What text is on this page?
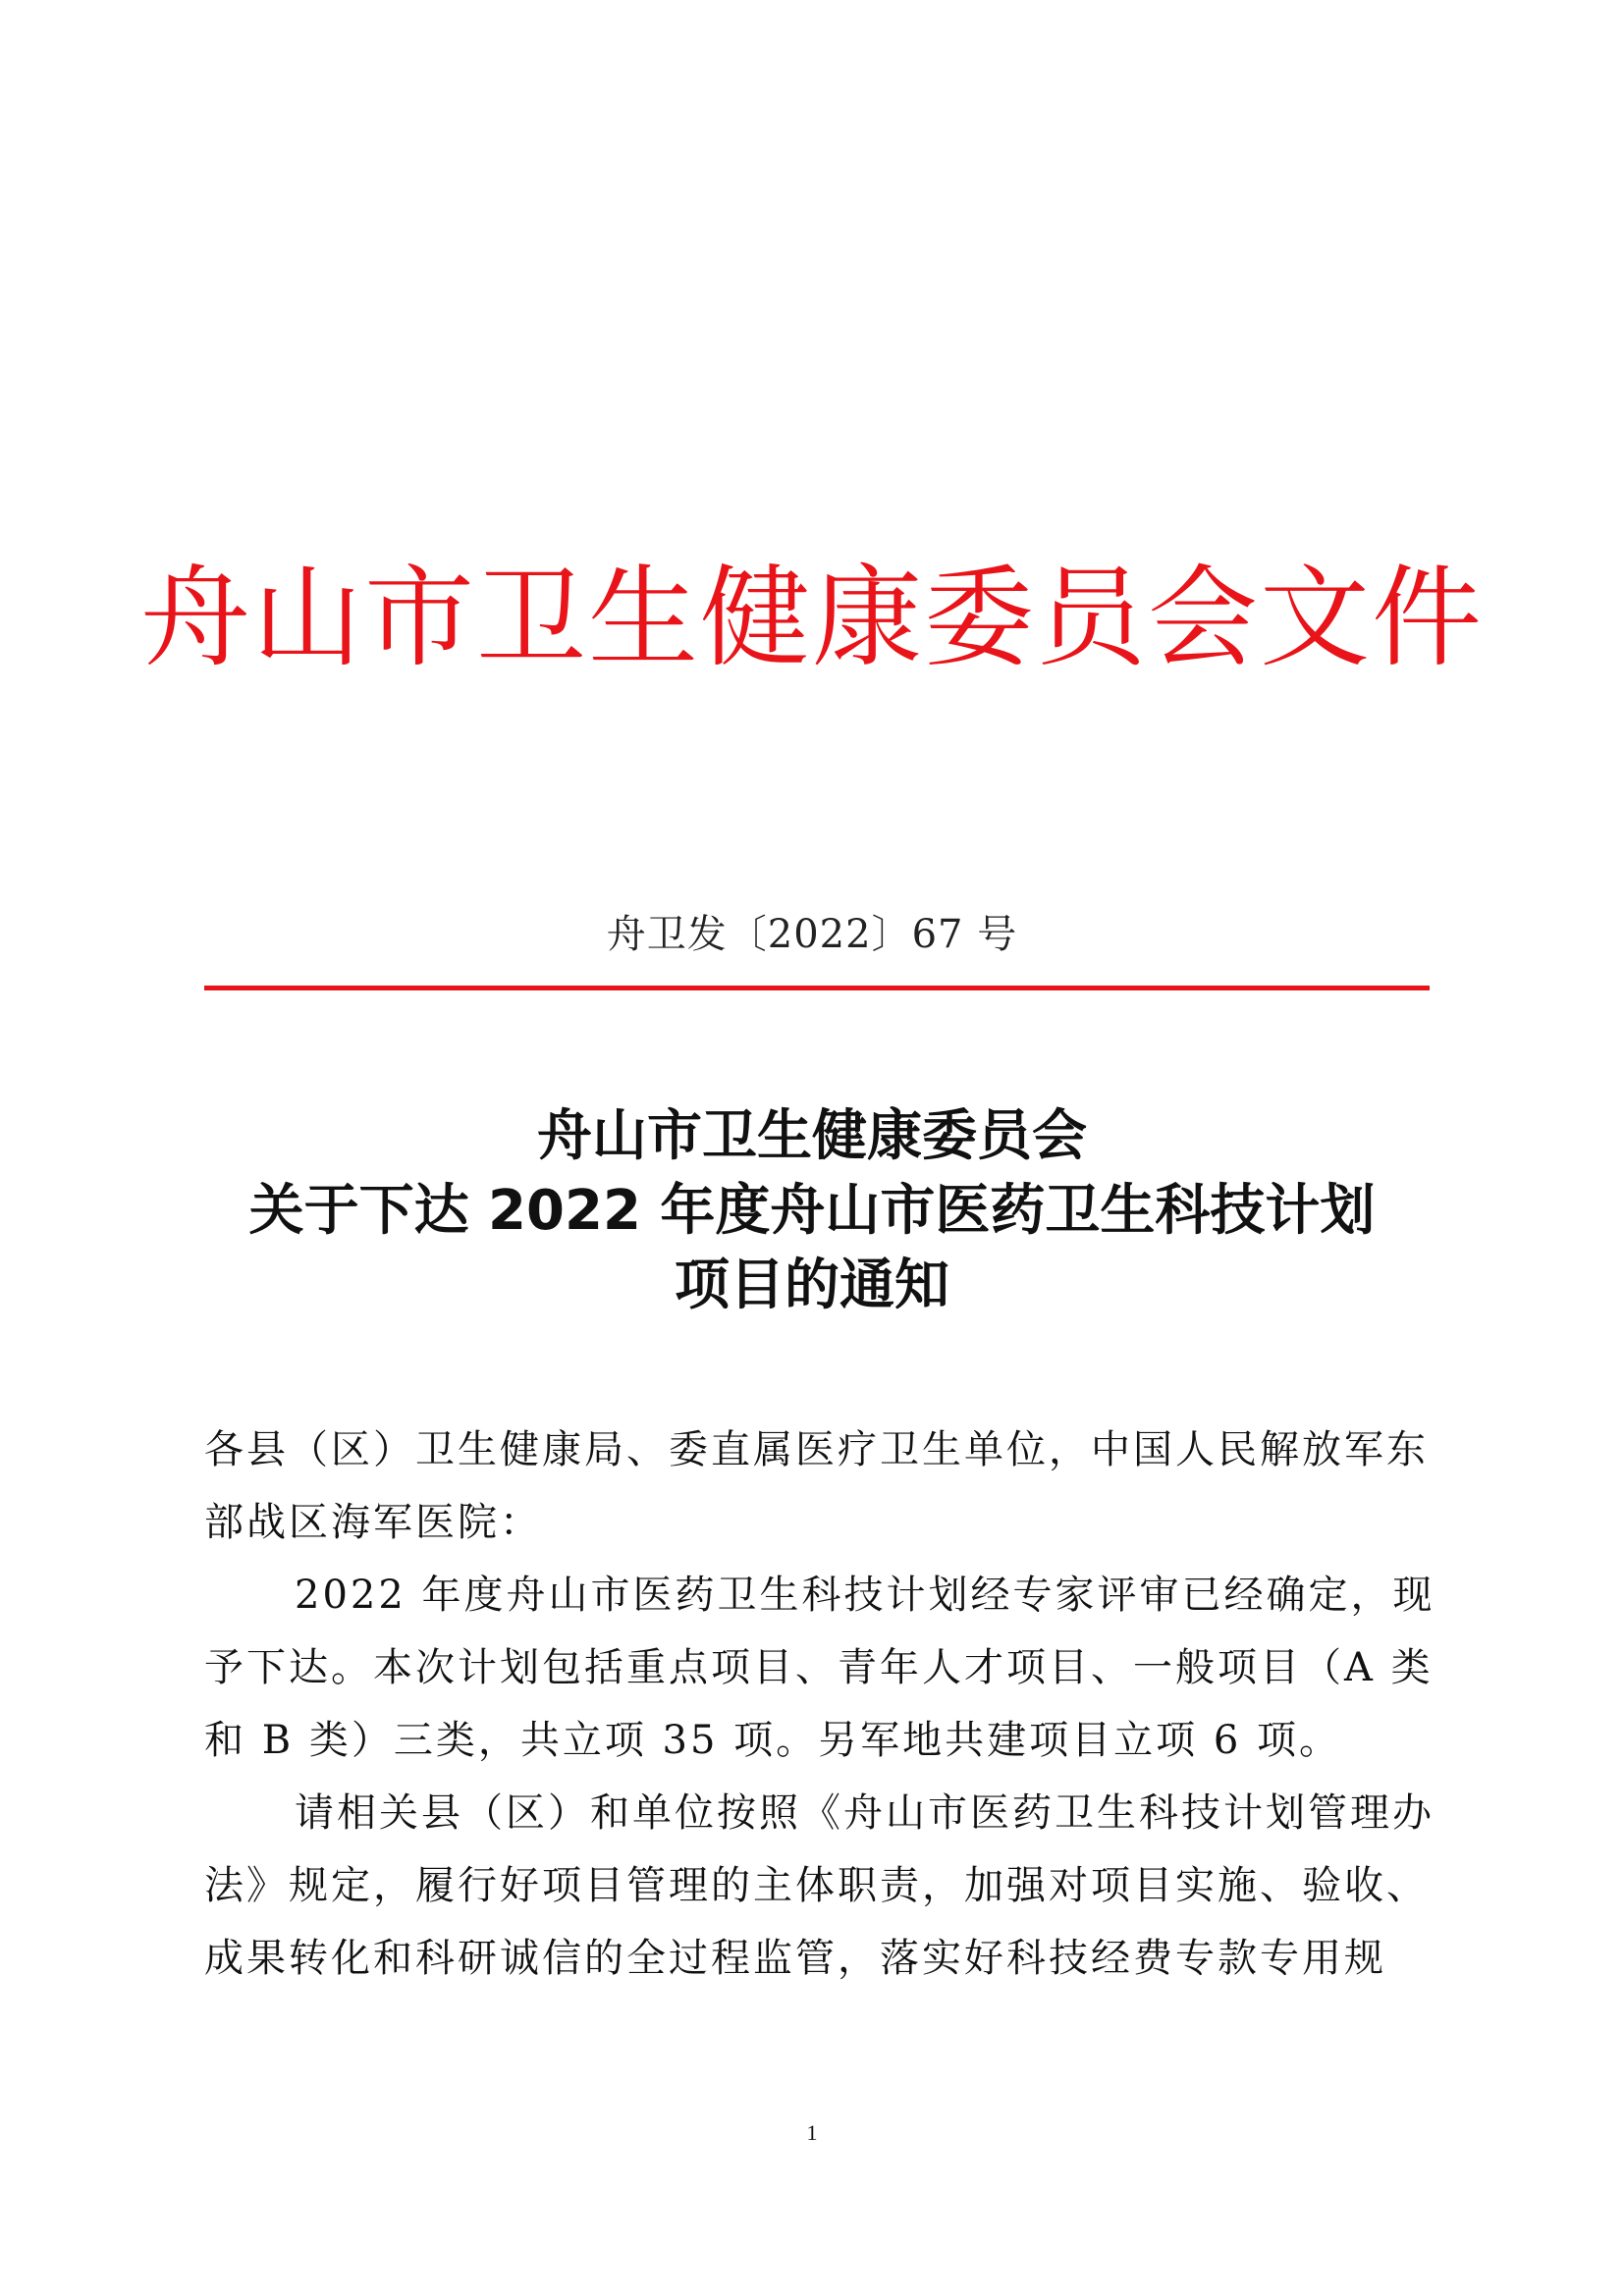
舟山市卫生健康委员会文件
舟卫发〔2022〕67 号
舟山市卫生健康委员会
关于下达 2022 年度舟山市医药卫生科技计划
项目的通知
各县（区）卫生健康局、委直属医疗卫生单位，中国人民解放军东
部战区海军医院：
2022 年度舟山市医药卫生科技计划经专家评审已经确定，现
予下达。本次计划包括重点项目、青年人才项目、一般项目（A 类
和 B 类）三类，共立项 35 项。另军地共建项目立项 6 项。
请相关县（区）和单位按照《舟山市医药卫生科技计划管理办
法》规定，履行好项目管理的主体职责，加强对项目实施、验收、
成果转化和科研诚信的全过程监管，落实好科技经费专款专用规
1
